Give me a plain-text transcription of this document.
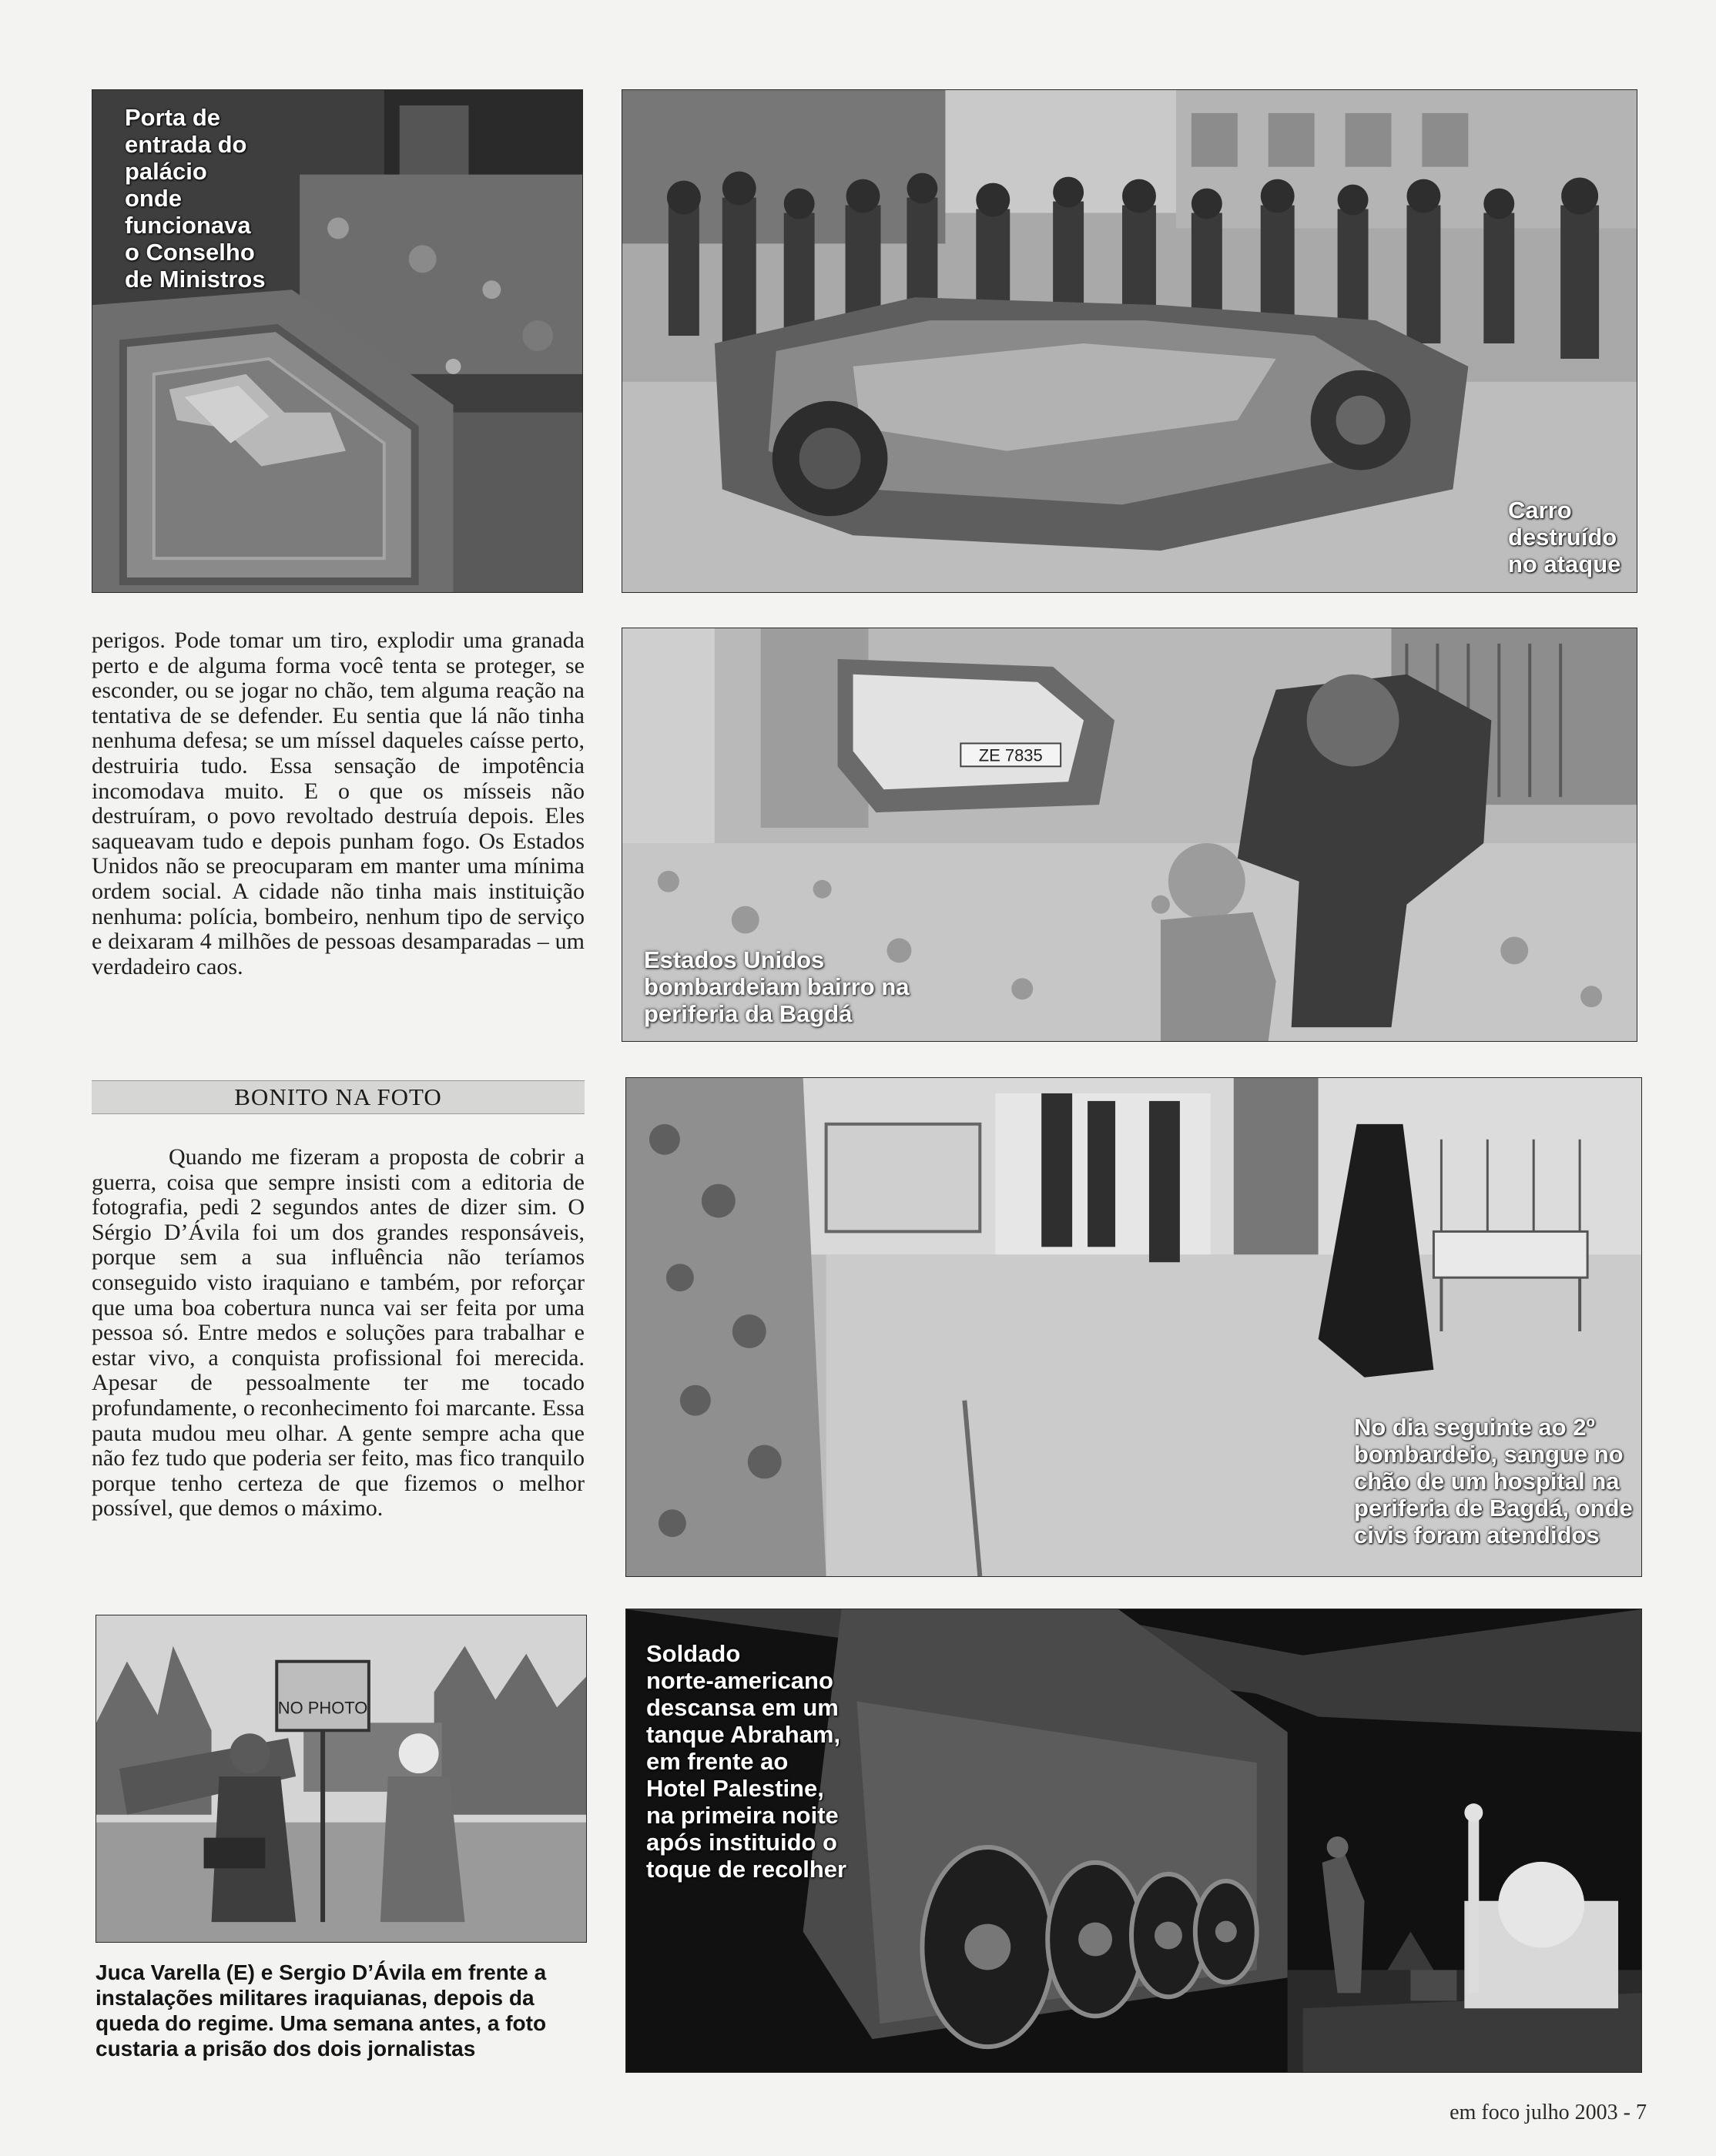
Porta de
entrada do
palácio
onde
funcionava
o Conselho
de Ministros
Carro
destruído
no ataque
ZE 7835
Estados Unidos
bombardeiam bairro na
periferia da Bagdá
No dia seguinte ao 2º
bombardeio, sangue no
chão de um hospital na
periferia de Bagdá, onde
civis foram atendidos
NO PHOTO
Soldado
norte-americano
descansa em um
tanque Abraham,
em frente ao
Hotel Palestine,
na primeira noite
após instituido o
toque de recolher

perigos. Pode tomar um tiro, explodir uma granada perto e de alguma forma você tenta se proteger, se esconder, ou se jogar no chão, tem alguma reação na tentativa de se defender. Eu sentia que lá não tinha nenhuma defesa; se um míssel daqueles caísse perto, destruiria tudo. Essa sensação de impotência incomodava muito. E o que os mísseis não destruíram, o povo revoltado destruía depois. Eles saqueavam tudo e depois punham fogo. Os Estados Unidos não se preocuparam em manter uma mínima ordem social. A cidade não tinha mais instituição nenhuma: polícia, bombeiro, nenhum tipo de serviço e deixaram 4 milhões de pessoas desamparadas – um verdadeiro caos.

BONITO NA FOTO

Quando me fizeram a proposta de cobrir a guerra, coisa que sempre insisti com a editoria de fotografia, pedi 2 segundos antes de dizer sim. O Sérgio D’Ávila foi um dos grandes responsáveis, porque sem a sua influência não teríamos conseguido visto iraquiano e também, por reforçar que uma boa cobertura nunca vai ser feita por uma pessoa só. Entre medos e soluções para trabalhar e estar vivo, a conquista profissional foi merecida. Apesar de pessoalmente ter me tocado profundamente, o reconhecimento foi marcante. Essa pauta mudou meu olhar. A gente sempre acha que não fez tudo que poderia ser feito, mas fico tranquilo porque tenho certeza de que fizemos o melhor possível, que demos o máximo.

Juca Varella (E) e Sergio D’Ávila em frente a
instalações militares iraquianas, depois da
queda do regime. Uma semana antes, a foto
custaria a prisão dos dois jornalistas
em foco julho 2003 - 7
